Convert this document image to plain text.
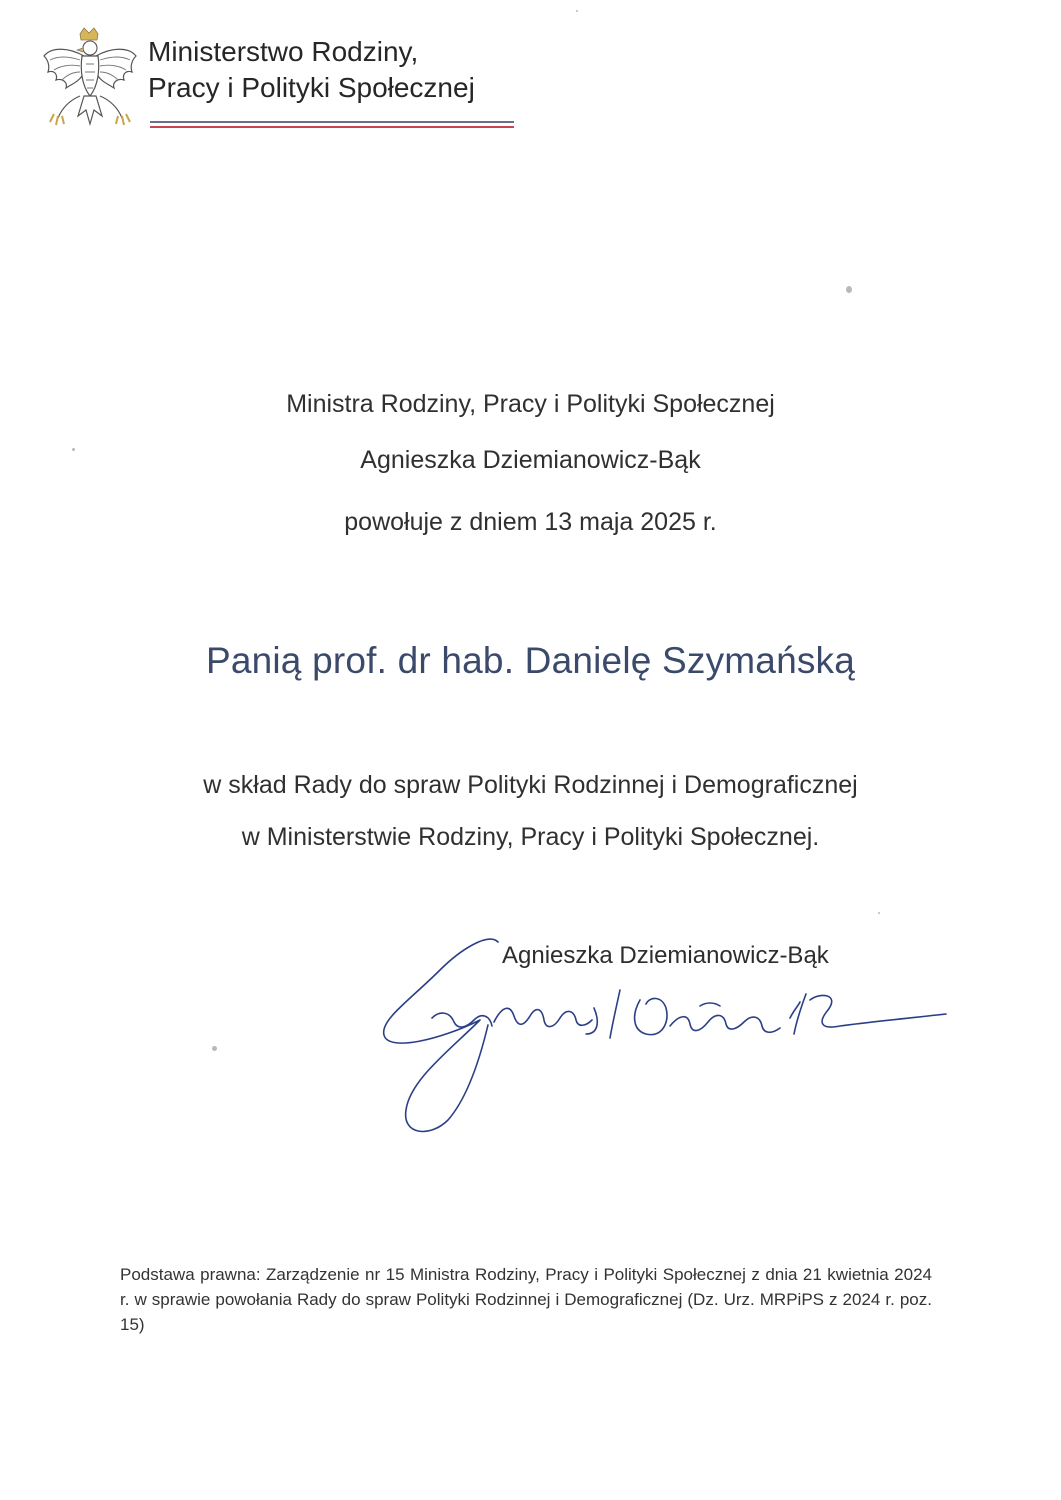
Ministerstwo Rodziny,
Pracy i Polityki Społecznej
Ministra Rodziny, Pracy i Polityki Społecznej
Agnieszka Dziemianowicz-Bąk
powołuje z dniem 13 maja 2025 r.
Panią prof. dr hab. Danielę Szymańską
w skład Rady do spraw Polityki Rodzinnej i Demograficznej
w Ministerstwie Rodziny, Pracy i Polityki Społecznej.
Agnieszka Dziemianowicz-Bąk
Podstawa prawna: Zarządzenie nr 15 Ministra Rodziny, Pracy i Polityki Społecznej z dnia 21 kwietnia 2024 r. w sprawie powołania Rady do spraw Polityki Rodzinnej i Demograficznej (Dz. Urz. MRPiPS z 2024 r. poz. 15)
